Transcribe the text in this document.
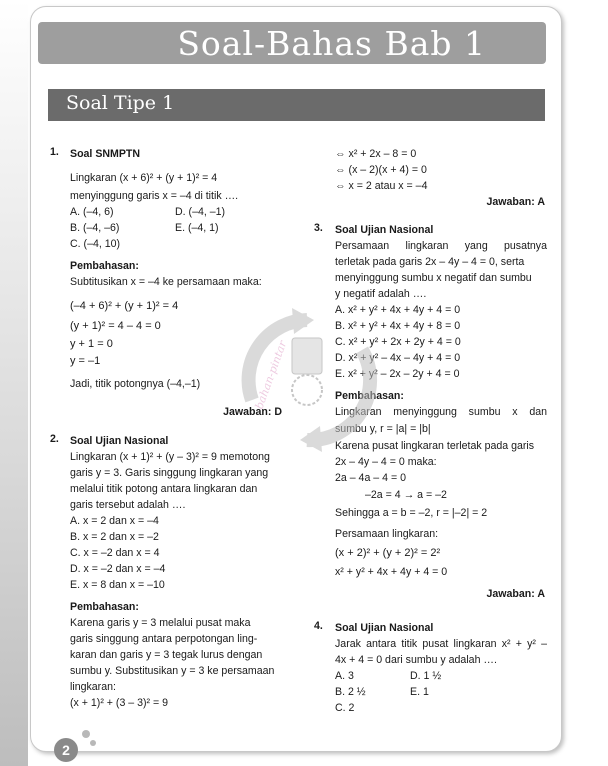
Soal-Bahas Bab 1
Soal Tipe 1
1. Soal SNMPTN

Lingkaran (x + 6)² + (y + 1)² = 4

menyinggung garis x = –4 di titik ….

A. (–4, 6)	D. (–4, –1)
B. (–4, –6)	E. (–4, 1)
C. (–4, 10)

Pembahasan:

Subtitusikan x = –4 ke persamaan maka:

(–4 + 6)² + (y + 1)² = 4

(y + 1)² = 4 – 4 = 0

y + 1 = 0

y = –1

Jadi, titik potongnya (–4,–1)

Jawaban: D

2. Soal Ujian Nasional

Lingkaran (x + 1)² + (y – 3)² = 9 memotong

garis y = 3. Garis singgung lingkaran yang

melalui titik potong antara lingkaran dan

garis tersebut adalah ….

A. x = 2 dan x = –4

B. x = 2 dan x = –2

C. x = –2 dan x = 4

D. x = –2 dan x = –4

E. x = 8 dan x = –10

Pembahasan:

Karena garis y = 3 melalui pusat maka

garis singgung antara perpotongan ling-

karan dan garis y = 3 tegak lurus dengan

sumbu y. Substitusikan y = 3 ke persamaan

lingkaran:

(x + 1)² + (3 – 3)² = 9

⇔ x² + 2x – 8 = 0

⇔ (x – 2)(x + 4) = 0

⇔ x = 2 atau x = –4

Jawaban: A

3. Soal Ujian Nasional

Persamaan lingkaran yang pusatnya

terletak pada garis 2x – 4y – 4 = 0, serta

menyinggung sumbu x negatif dan sumbu

y negatif adalah ….

A. x² + y² + 4x + 4y + 4 = 0

B. x² + y² + 4x + 4y + 8 = 0

C. x² + y² + 2x + 2y + 4 = 0

D. x² + y² – 4x – 4y + 4 = 0

E. x² + y² – 2x – 2y + 4 = 0

Pembahasan:

Lingkaran menyinggung sumbu x dan

sumbu y, r = |a| = |b|

Karena pusat lingkaran terletak pada garis

2x – 4y – 4 = 0 maka:

2a – 4a – 4 = 0

–2a = 4 → a = –2

Sehingga a = b = –2, r = |–2| = 2

Persamaan lingkaran:

(x + 2)² + (y + 2)² = 2²

x² + y² + 4x + 4y + 4 = 0

Jawaban: A

4. Soal Ujian Nasional

Jarak antara titik pusat lingkaran x² + y² –

4x + 4 = 0 dari sumbu y adalah ….

A. 3	D. 1 ½
B. 2 ½	E. 1
C. 2
bahan-pintar
2
